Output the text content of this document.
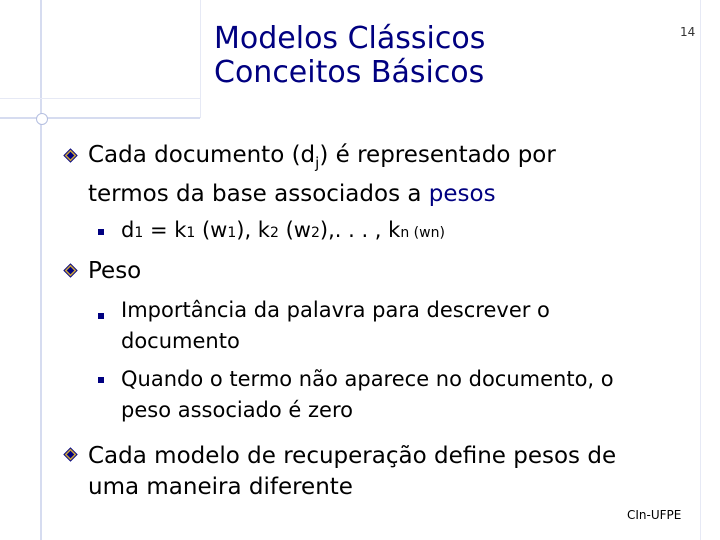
Modelos Clássicos
Conceitos Básicos
14
Cada documento $(d_j)$ é representado por
termos da base associados a pesos
d1 = k1 (w1), k2 (w2),. . . , kn (wn)
Peso
Importância da palavra para descrever o
documento
Quando o termo não aparece no documento, o
peso associado é zero
Cada modelo de recuperação define pesos de
uma maneira diferente
CIn-UFPE
